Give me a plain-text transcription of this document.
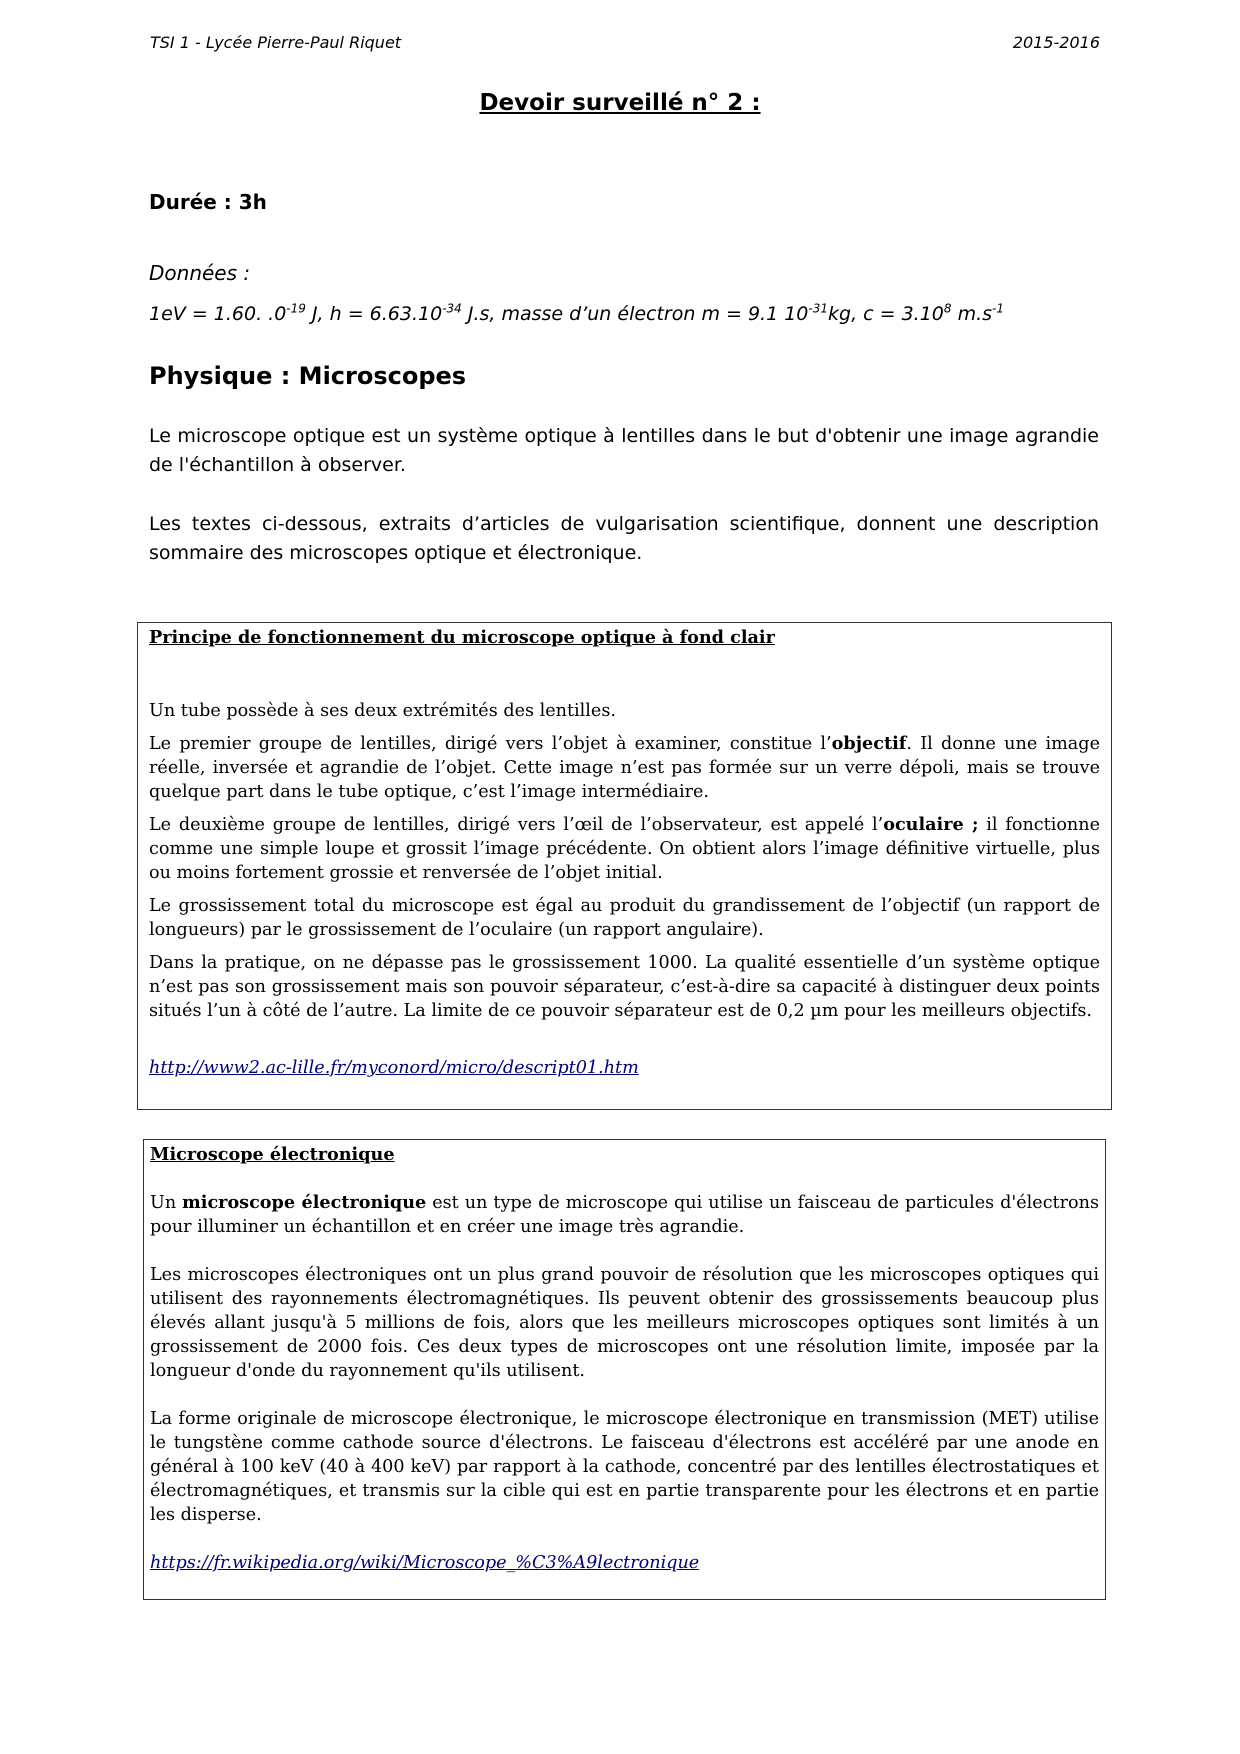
TSI 1 - Lycée Pierre-Paul Riquet	2015-2016
Devoir surveillé n° 2 :
Durée : 3h
Données :
1eV = 1.60. $.0^{-19}$ J, $h = 6.63.10^{-34}$ J.s, masse d’un électron m = 9.1 $10^{-31}kg$, $c = 3.10^8$ $m.s^{-1}$
Physique : Microscopes

Le microscope optique est un système optique à lentilles dans le but d'obtenir une image agrandie de l'échantillon à observer.

Les textes ci-dessous, extraits d’articles de vulgarisation scientifique, donnent une description sommaire des microscopes optique et électronique.

Principe de fonctionnement du microscope optique à fond clair

Un tube possède à ses deux extrémités des lentilles.

Le premier groupe de lentilles, dirigé vers l’objet à examiner, constitue l’objectif. Il donne une image réelle, inversée et agrandie de l’objet. Cette image n’est pas formée sur un verre dépoli, mais se trouve quelque part dans le tube optique, c’est l’image intermédiaire.

Le deuxième groupe de lentilles, dirigé vers l’œil de l’observateur, est appelé l’oculaire ; il fonctionne comme une simple loupe et grossit l’image précédente. On obtient alors l’image définitive virtuelle, plus ou moins fortement grossie et renversée de l’objet initial.

Le grossissement total du microscope est égal au produit du grandissement de l’objectif (un rapport de longueurs) par le grossissement de l’oculaire (un rapport angulaire).

Dans la pratique, on ne dépasse pas le grossissement 1000. La qualité essentielle d’un système optique n’est pas son grossissement mais son pouvoir séparateur, c’est-à-dire sa capacité à distinguer deux points situés l’un à côté de l’autre. La limite de ce pouvoir séparateur est de 0,2 µm pour les meilleurs objectifs.

http://www2.ac-lille.fr/myconord/micro/descript01.htm

Microscope électronique

Un microscope électronique est un type de microscope qui utilise un faisceau de particules d'électrons pour illuminer un échantillon et en créer une image très agrandie.

Les microscopes électroniques ont un plus grand pouvoir de résolution que les microscopes optiques qui utilisent des rayonnements électromagnétiques. Ils peuvent obtenir des grossissements beaucoup plus élevés allant jusqu'à 5 millions de fois, alors que les meilleurs microscopes optiques sont limités à un grossissement de 2000 fois. Ces deux types de microscopes ont une résolution limite, imposée par la longueur d'onde du rayonnement qu'ils utilisent.

La forme originale de microscope électronique, le microscope électronique en transmission (MET) utilise le tungstène comme cathode source d'électrons. Le faisceau d'électrons est accéléré par une anode en général à 100 keV (40 à 400 keV) par rapport à la cathode, concentré par des lentilles électrostatiques et électromagnétiques, et transmis sur la cible qui est en partie transparente pour les électrons et en partie les disperse.

https://fr.wikipedia.org/wiki/Microscope_%C3%A9lectronique
